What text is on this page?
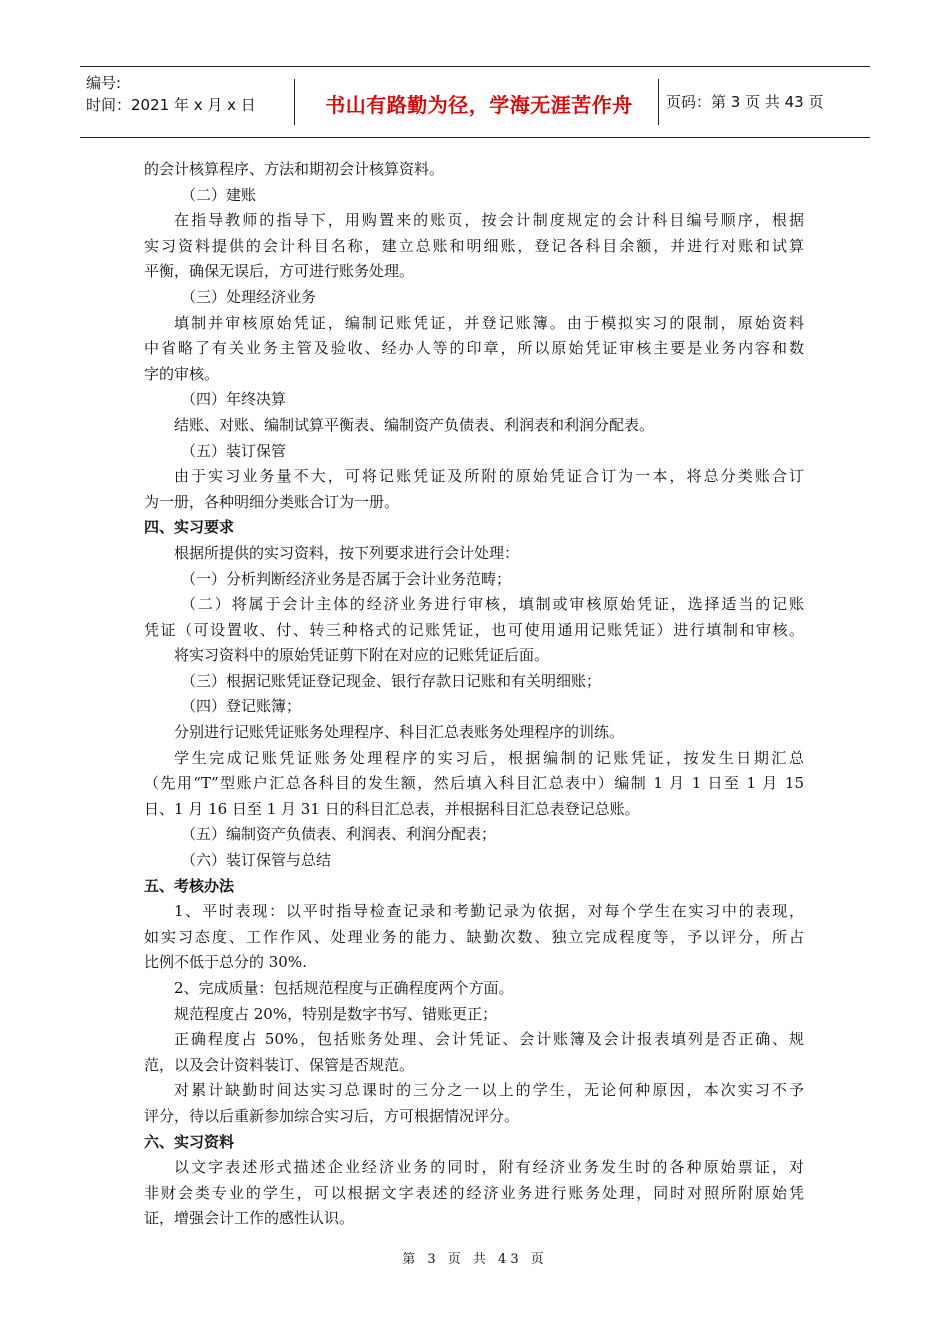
编号:
时间：2021 年 x 月 x 日	书山有路勤为径，学海无涯苦作舟	页码：第 3 页 共 43 页
的会计核算程序、方法和期初会计核算资料。
（二）建账
在指导教师的指导下，用购置来的账页，按会计制度规定的会计科目编号顺序，根据
实习资料提供的会计科目名称，建立总账和明细账，登记各科目余额，并进行对账和试算
平衡，确保无误后，方可进行账务处理。
（三）处理经济业务
填制并审核原始凭证，编制记账凭证，并登记账簿。由于模拟实习的限制，原始资料
中省略了有关业务主管及验收、经办人等的印章，所以原始凭证审核主要是业务内容和数
字的审核。
（四）年终决算
结账、对账、编制试算平衡表、编制资产负债表、利润表和利润分配表。
（五）装订保管
由于实习业务量不大，可将记账凭证及所附的原始凭证合订为一本，将总分类账合订
为一册，各种明细分类账合订为一册。
四、实习要求
根据所提供的实习资料，按下列要求进行会计处理：
（一）分析判断经济业务是否属于会计业务范畴；
（二）将属于会计主体的经济业务进行审核，填制或审核原始凭证，选择适当的记账
凭证（可设置收、付、转三种格式的记账凭证，也可使用通用记账凭证）进行填制和审核。
将实习资料中的原始凭证剪下附在对应的记账凭证后面。
（三）根据记账凭证登记现金、银行存款日记账和有关明细账；
（四）登记账簿；
分别进行记账凭证账务处理程序、科目汇总表账务处理程序的训练。
学生完成记账凭证账务处理程序的实习后，根据编制的记账凭证，按发生日期汇总
（先用“T”型账户汇总各科目的发生额，然后填入科目汇总表中）编制 1 月 1 日至 1 月 15
日、1 月 16 日至 1 月 31 日的科目汇总表，并根据科目汇总表登记总账。
（五）编制资产负债表、利润表、利润分配表；
（六）装订保管与总结
五、考核办法
1、平时表现：以平时指导检查记录和考勤记录为依据，对每个学生在实习中的表现，
如实习态度、工作作风、处理业务的能力、缺勤次数、独立完成程度等，予以评分，所占
比例不低于总分的 30%.
2、完成质量：包括规范程度与正确程度两个方面。
规范程度占 20%，特别是数字书写、错账更正；
正确程度占 50%，包括账务处理、会计凭证、会计账簿及会计报表填列是否正确、规
范，以及会计资料装订、保管是否规范。
对累计缺勤时间达实习总课时的三分之一以上的学生，无论何种原因，本次实习不予
评分，待以后重新参加综合实习后，方可根据情况评分。
六、实习资料
以文字表述形式描述企业经济业务的同时，附有经济业务发生时的各种原始票证，对
非财会类专业的学生，可以根据文字表述的经济业务进行账务处理，同时对照所附原始凭
证，增强会计工作的感性认识。
第 3 页 共 43 页
